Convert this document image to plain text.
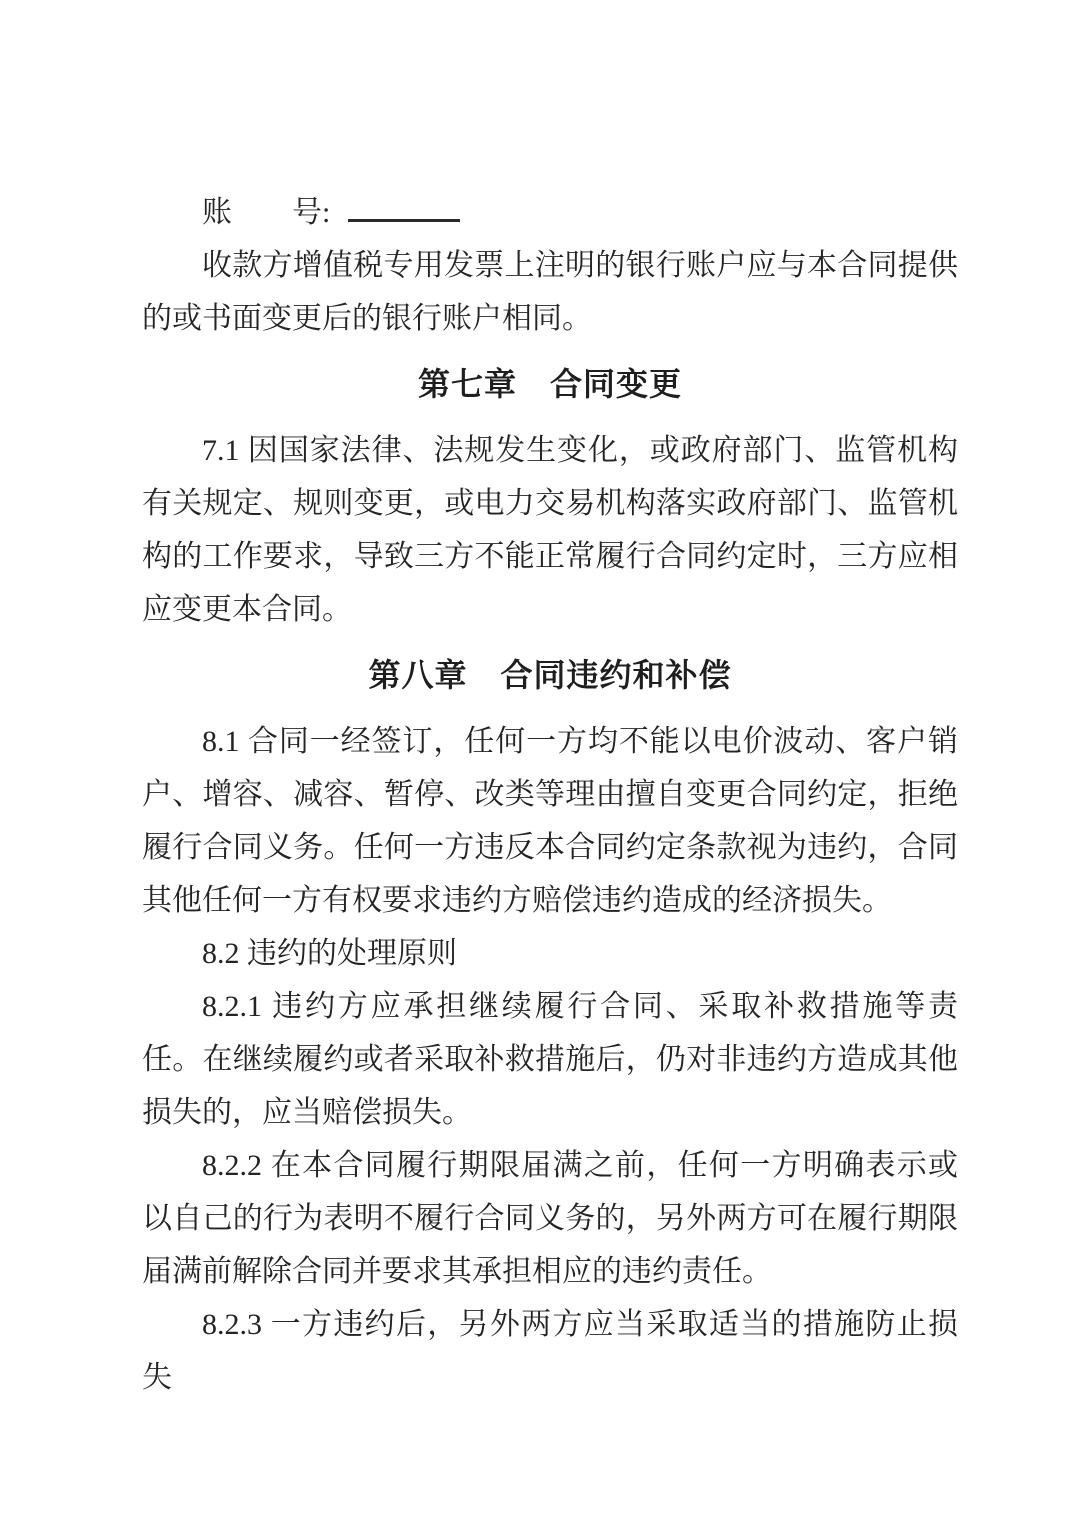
账　　号:

收款方增值税专用发票上注明的银行账户应与本合同提供的或书面变更后的银行账户相同。

第七章　合同变更

7.1 因国家法律、法规发生变化，或政府部门、监管机构有关规定、规则变更，或电力交易机构落实政府部门、监管机构的工作要求，导致三方不能正常履行合同约定时，三方应相应变更本合同。

第八章　合同违约和补偿

8.1 合同一经签订，任何一方均不能以电价波动、客户销户、增容、减容、暂停、改类等理由擅自变更合同约定，拒绝履行合同义务。任何一方违反本合同约定条款视为违约，合同其他任何一方有权要求违约方赔偿违约造成的经济损失。

8.2 违约的处理原则

8.2.1 违约方应承担继续履行合同、采取补救措施等责任。在继续履约或者采取补救措施后，仍对非违约方造成其他损失的，应当赔偿损失。

8.2.2 在本合同履行期限届满之前，任何一方明确表示或以自己的行为表明不履行合同义务的，另外两方可在履行期限届满前解除合同并要求其承担相应的违约责任。

8.2.3 一方违约后，另外两方应当采取适当的措施防止损失
